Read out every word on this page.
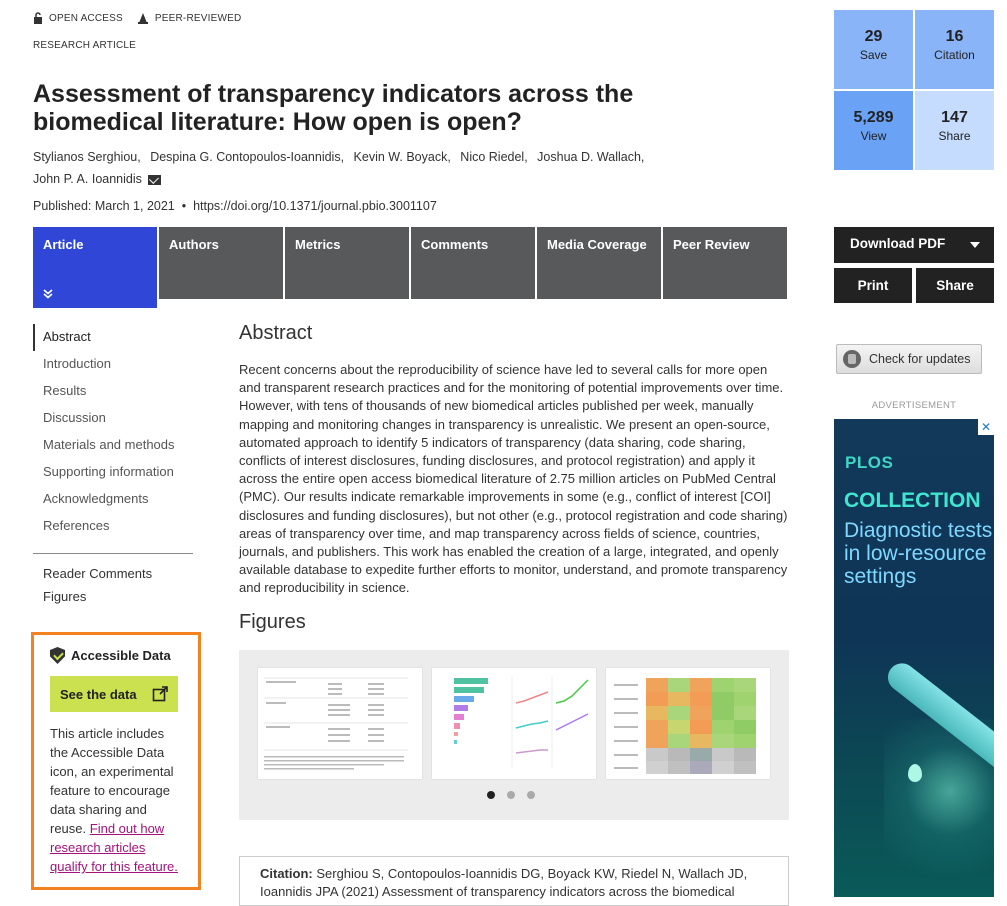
OPEN ACCESS	PEER-REVIEWED
RESEARCH ARTICLE
Assessment of transparency indicators across the biomedical literature: How open is open?
Stylianos Serghiou, Despina G. Contopoulos-Ioannidis, Kevin W. Boyack, Nico Riedel, Joshua D. Wallach,
John P. A. Ioannidis
Published: March 1, 2021 • https://doi.org/10.1371/journal.pbio.3001107
Article	Authors	Metrics	Comments	Media Coverage	Peer Review
29
Save
16
Citation
5,289
View
147
Share
Download PDF
Print	Share
Check for updates
ADVERTISEMENT
✕
PLOS
COLLECTION
Diagnostic tests in low-resource settings
Abstract
Introduction
Results
Discussion
Materials and methods
Supporting information
Acknowledgments
References
Reader Comments
Figures
Accessible Data
See the data
This article includes the Accessible Data icon, an experimental feature to encourage data sharing and reuse. Find out how research articles qualify for this feature.
Abstract
Recent concerns about the reproducibility of science have led to several calls for more open and transparent research practices and for the monitoring of potential improvements over time. However, with tens of thousands of new biomedical articles published per week, manually mapping and monitoring changes in transparency is unrealistic. We present an open-source, automated approach to identify 5 indicators of transparency (data sharing, code sharing, conflicts of interest disclosures, funding disclosures, and protocol registration) and apply it across the entire open access biomedical literature of 2.75 million articles on PubMed Central (PMC). Our results indicate remarkable improvements in some (e.g., conflict of interest [COI] disclosures and funding disclosures), but not other (e.g., protocol registration and code sharing) areas of transparency over time, and map transparency across fields of science, countries, journals, and publishers. This work has enabled the creation of a large, integrated, and openly available database to expedite further efforts to monitor, understand, and promote transparency and reproducibility in science.
Figures
Citation: Serghiou S, Contopoulos-Ioannidis DG, Boyack KW, Riedel N, Wallach JD, Ioannidis JPA (2021) Assessment of transparency indicators across the biomedical
